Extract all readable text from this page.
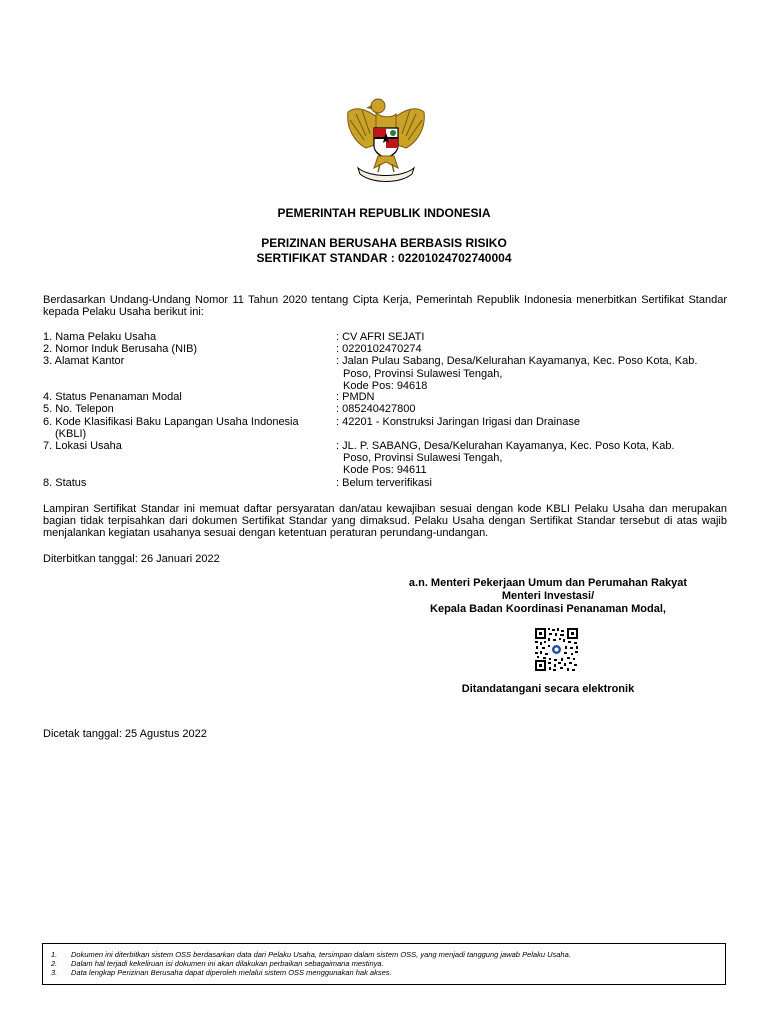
PEMERINTAH REPUBLIK INDONESIA
PERIZINAN BERUSAHA BERBASIS RISIKO
SERTIFIKAT STANDAR : 02201024702740004
Berdasarkan Undang-Undang Nomor 11 Tahun 2020 tentang Cipta Kerja, Pemerintah Republik Indonesia menerbitkan Sertifikat Standar kepada Pelaku Usaha berikut ini:
1. Nama Pelaku Usaha	: CV AFRI SEJATI
2. Nomor Induk Berusaha (NIB)	: 0220102470274
3. Alamat Kantor	: Jalan Pulau Sabang, Desa/Kelurahan Kayamanya, Kec. Poso Kota, Kab.
Poso, Provinsi Sulawesi Tengah,
Kode Pos: 94618
4. Status Penanaman Modal	: PMDN
5. No. Telepon	: 085240427800
6. Kode Klasifikasi Baku Lapangan Usaha Indonesia	: 42201 - Konstruksi Jaringan Irigasi dan Drainase
(KBLI)
7. Lokasi Usaha	: JL. P. SABANG, Desa/Kelurahan Kayamanya, Kec. Poso Kota, Kab.
Poso, Provinsi Sulawesi Tengah,
Kode Pos: 94611
8. Status	: Belum terverifikasi
Lampiran Sertifikat Standar ini memuat daftar persyaratan dan/atau kewajiban sesuai dengan kode KBLI Pelaku Usaha dan merupakan bagian tidak terpisahkan dari dokumen Sertifikat Standar yang dimaksud. Pelaku Usaha dengan Sertifikat Standar tersebut di atas wajib menjalankan kegiatan usahanya sesuai dengan ketentuan peraturan perundang-undangan.
Diterbitkan tanggal: 26 Januari 2022
a.n. Menteri Pekerjaan Umum dan Perumahan Rakyat
Menteri Investasi/
Kepala Badan Koordinasi Penanaman Modal,
Ditandatangani secara elektronik
Dicetak tanggal: 25 Agustus 2022
1.	Dokumen ini diterbitkan sistem OSS berdasarkan data dari Pelaku Usaha, tersimpan dalam sistem OSS, yang menjadi tanggung jawab Pelaku Usaha.
2.	Dalam hal terjadi kekeliruan isi dokumen ini akan dilakukan perbaikan sebagaimana mestinya.
3.	Data lengkap Perizinan Berusaha dapat diperoleh melalui sistem OSS menggunakan hak akses.
